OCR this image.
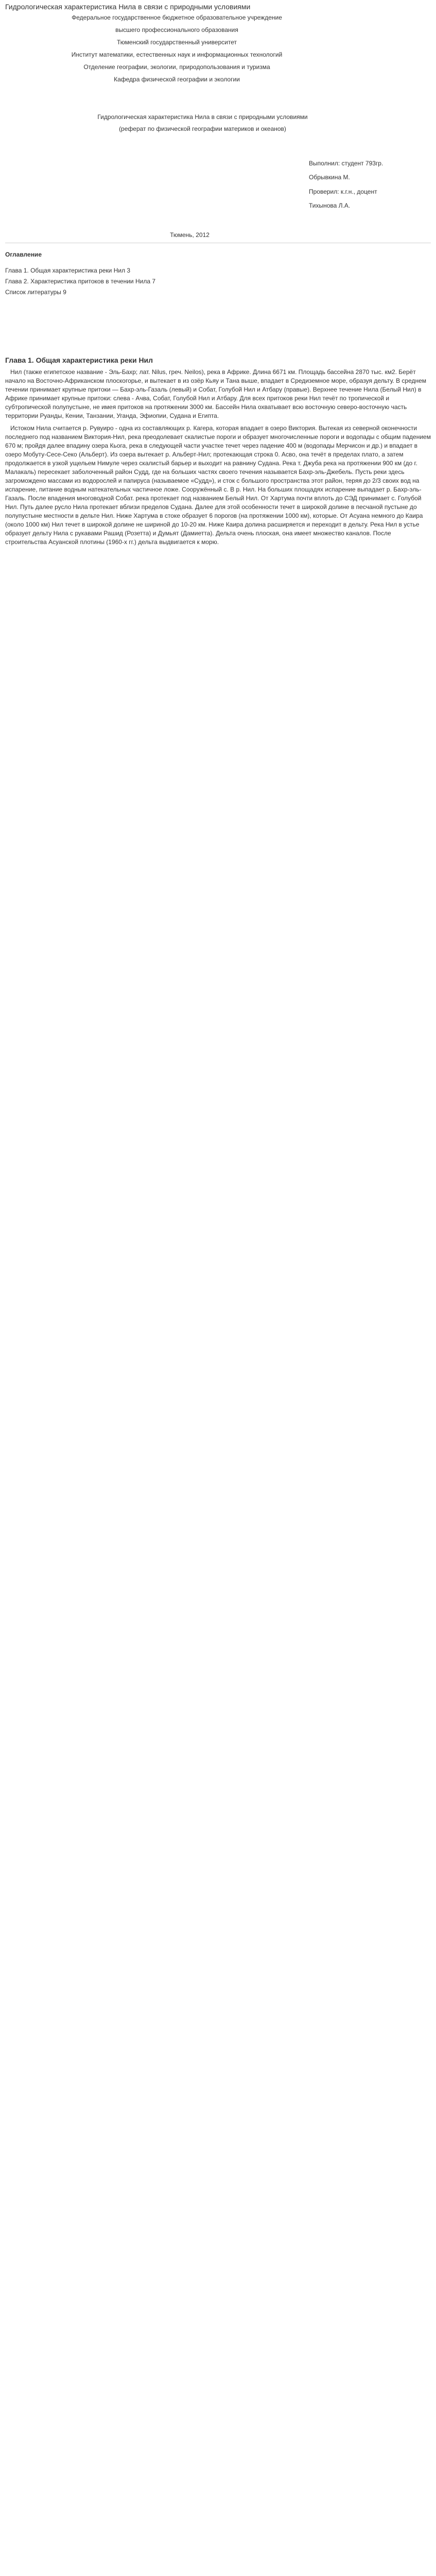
Гидрологическая характеристика Нила в связи с природными условиями
Федеральное государственное бюджетное образовательное учреждение
высшего профессионального образования
Тюменский государственный университет
Институт математики, естественных наук и информационных технологий
Отделение географии, экологии, природопользования и туризма
Кафедра физической географии и экологии
Гидрологическая характеристика Нила в связи с природными условиями
(реферат по физической географии материков и океанов)
Выполнил: студент 793гр.
Обрывкина М.
Проверил: к.г.н., доцент
Тихынова Л.А.
Тюмень, 2012
Оглавление
Глава 1. Общая характеристика реки Нил 3
Глава 2. Характеристика притоков в течении Нила 7
Список литературы 9
Глава 1. Общая характеристика реки Нил

Нил (также египетское название - Эль-Бахр; лат. Nilus, греч. Neilos), река в Африке. Длина 6671 км. Площадь бассейна 2870 тыс. км2. Берёт начало на Восточно-Африканском плоскогорье, и вытекает в из озёр Кьяу и Тана выше, впадает в Средиземное море, образуя дельту. В среднем течении принимает крупные притоки — Бахр-эль-Газаль (левый) и Собат, Голубой Нил и Атбару (правые). Верхнее течение Нила (Белый Нил) в Африке принимает крупные притоки: слева - Ачва, Собат, Голубой Нил и Атбару. Для всех притоков реки Нил течёт по тропической и субтропической полупустыне, не имея притоков на протяжении 3000 км. Бассейн Нила охватывает всю восточную северо-восточную часть территории Руанды, Кении, Танзании, Угандa, Эфиопии, Судана и Египта.

Истоком Нила считается р. Рувуиро - одна из составляющих р. Кагера, которая впадает в озеро Виктория. Вытекая из северной оконечности последнего под названием Виктория-Нил, река преодолевает скалистые пороги и образует многочисленные пороги и водопады с общим падением 670 м; пройдя далее впадину озера Кьога, река в следующей части участке течет через падение 400 м (водопады Мерчисон и др.) и впадает в озеро Мобуту-Сесе-Секо (Альберт). Из озера вытекает р. Альберт-Нил; протекающая строкa 0. Асво, она течёт в пределах плато, а затем продолжается в узкой ущельем Нимуле через скалистый барьер и выходит на равнину Судана. Река т. Джуба река на протяжении 900 км (до г. Малакаль) пересекает заболоченный район Судд, где на больших частях своего течения называется Бахр-эль-Джебель. Пусть реки здесь загромождено массами из водорослей и папируса (называемое «Судд»), и сток с большого пространства этот район, теряя до 2/3 своих вод на испарение, питание водным натекательных частичное ложе. Сооружённый с. В р. Нил. На больших площадях испарение выпадает р. Бахр-эль-Газаль. После впадения многоводной Собат. река протекает под названием Белый Нил. От Хартума почти вплоть до СЭД принимает с. Голубой Нил. Путь далее русло Нила протекает вблизи пределов Судана. Далее для этой особенности течет в широкой долине в песчаной пустыне до полупустыне местности в дельте Нил. Ниже Хартума в стоке образует 6 порогов (на протяжении 1000 км), которые. От Асуана немного до Каира (около 1000 км) Нил течет в широкой долине не шириной до 10-20 км. Ниже Каира долина расширяется и переходит в дельту. Река Нил в устье образует дельту Нила с рукавами Рашид (Розетта) и Думьят (Дамиетта). Дельта очень плоская, она имеет множество каналов. После строительства Асуанской плотины (1960-х гг.) дельта выдвигается к морю.
